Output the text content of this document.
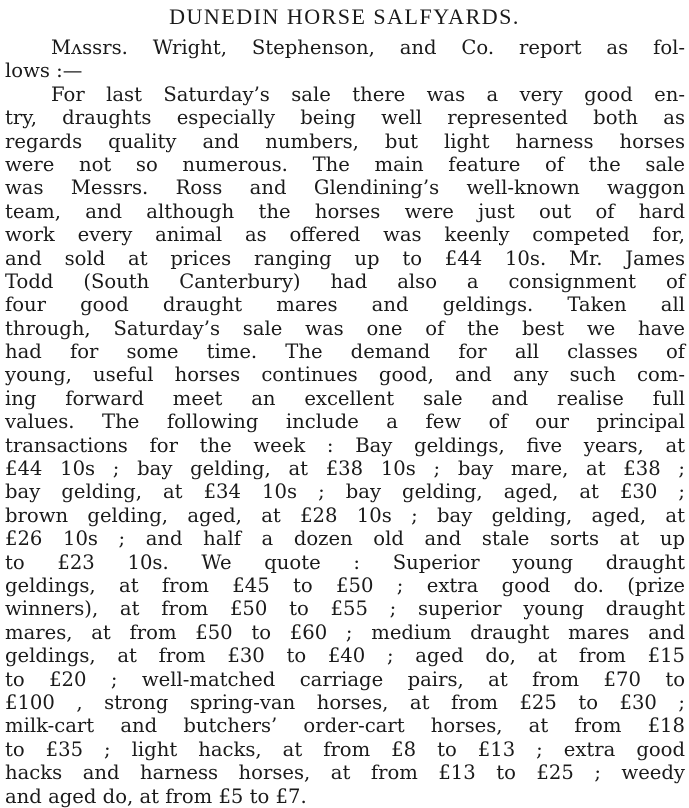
DUNEDIN HORSE SALFYARDS.
Mʌssrs. Wright, Stephenson, and Co. report as fol-
lows :—
For last Saturday’s sale there was a very good en-
try, draughts especially being well represented both as
regards quality and numbers, but light harness horses
were not so numerous. The main feature of the sale
was Messrs. Ross and Glendining’s well-known waggon
team, and although the horses were just out of hard
work every animal as offered was keenly competed for,
and sold at prices ranging up to £44 10s. Mr. James
Todd (South Canterbury) had also a consignment of
four good draught mares and geldings. Taken all
through, Saturday’s sale was one of the best we have
had for some time. The demand for all classes of
young, useful horses continues good, and any such com-
ing forward meet an excellent sale and realise full
values. The following include a few of our principal
transactions for the week : Bay geldings, five years, at
£44 10s ; bay gelding, at £38 10s ; bay mare, at £38 ;
bay gelding, at £34 10s ; bay gelding, aged, at £30 ;
brown gelding, aged, at £28 10s ; bay gelding, aged, at
£26 10s ; and half a dozen old and stale sorts at up
to £23 10s. We quote : Superior young draught
geldings, at from £45 to £50 ; extra good do. (prize
winners), at from £50 to £55 ; superior young draught
mares, at from £50 to £60 ; medium draught mares and
geldings, at from £30 to £40 ; aged do, at from £15
to £20 ; well-matched carriage pairs, at from £70 to
£100 , strong spring-van horses, at from £25 to £30 ;
milk-cart and butchers’ order-cart horses, at from £18
to £35 ; light hacks, at from £8 to £13 ; extra good
hacks and harness horses, at from £13 to £25 ; weedy
and aged do, at from £5 to £7.
